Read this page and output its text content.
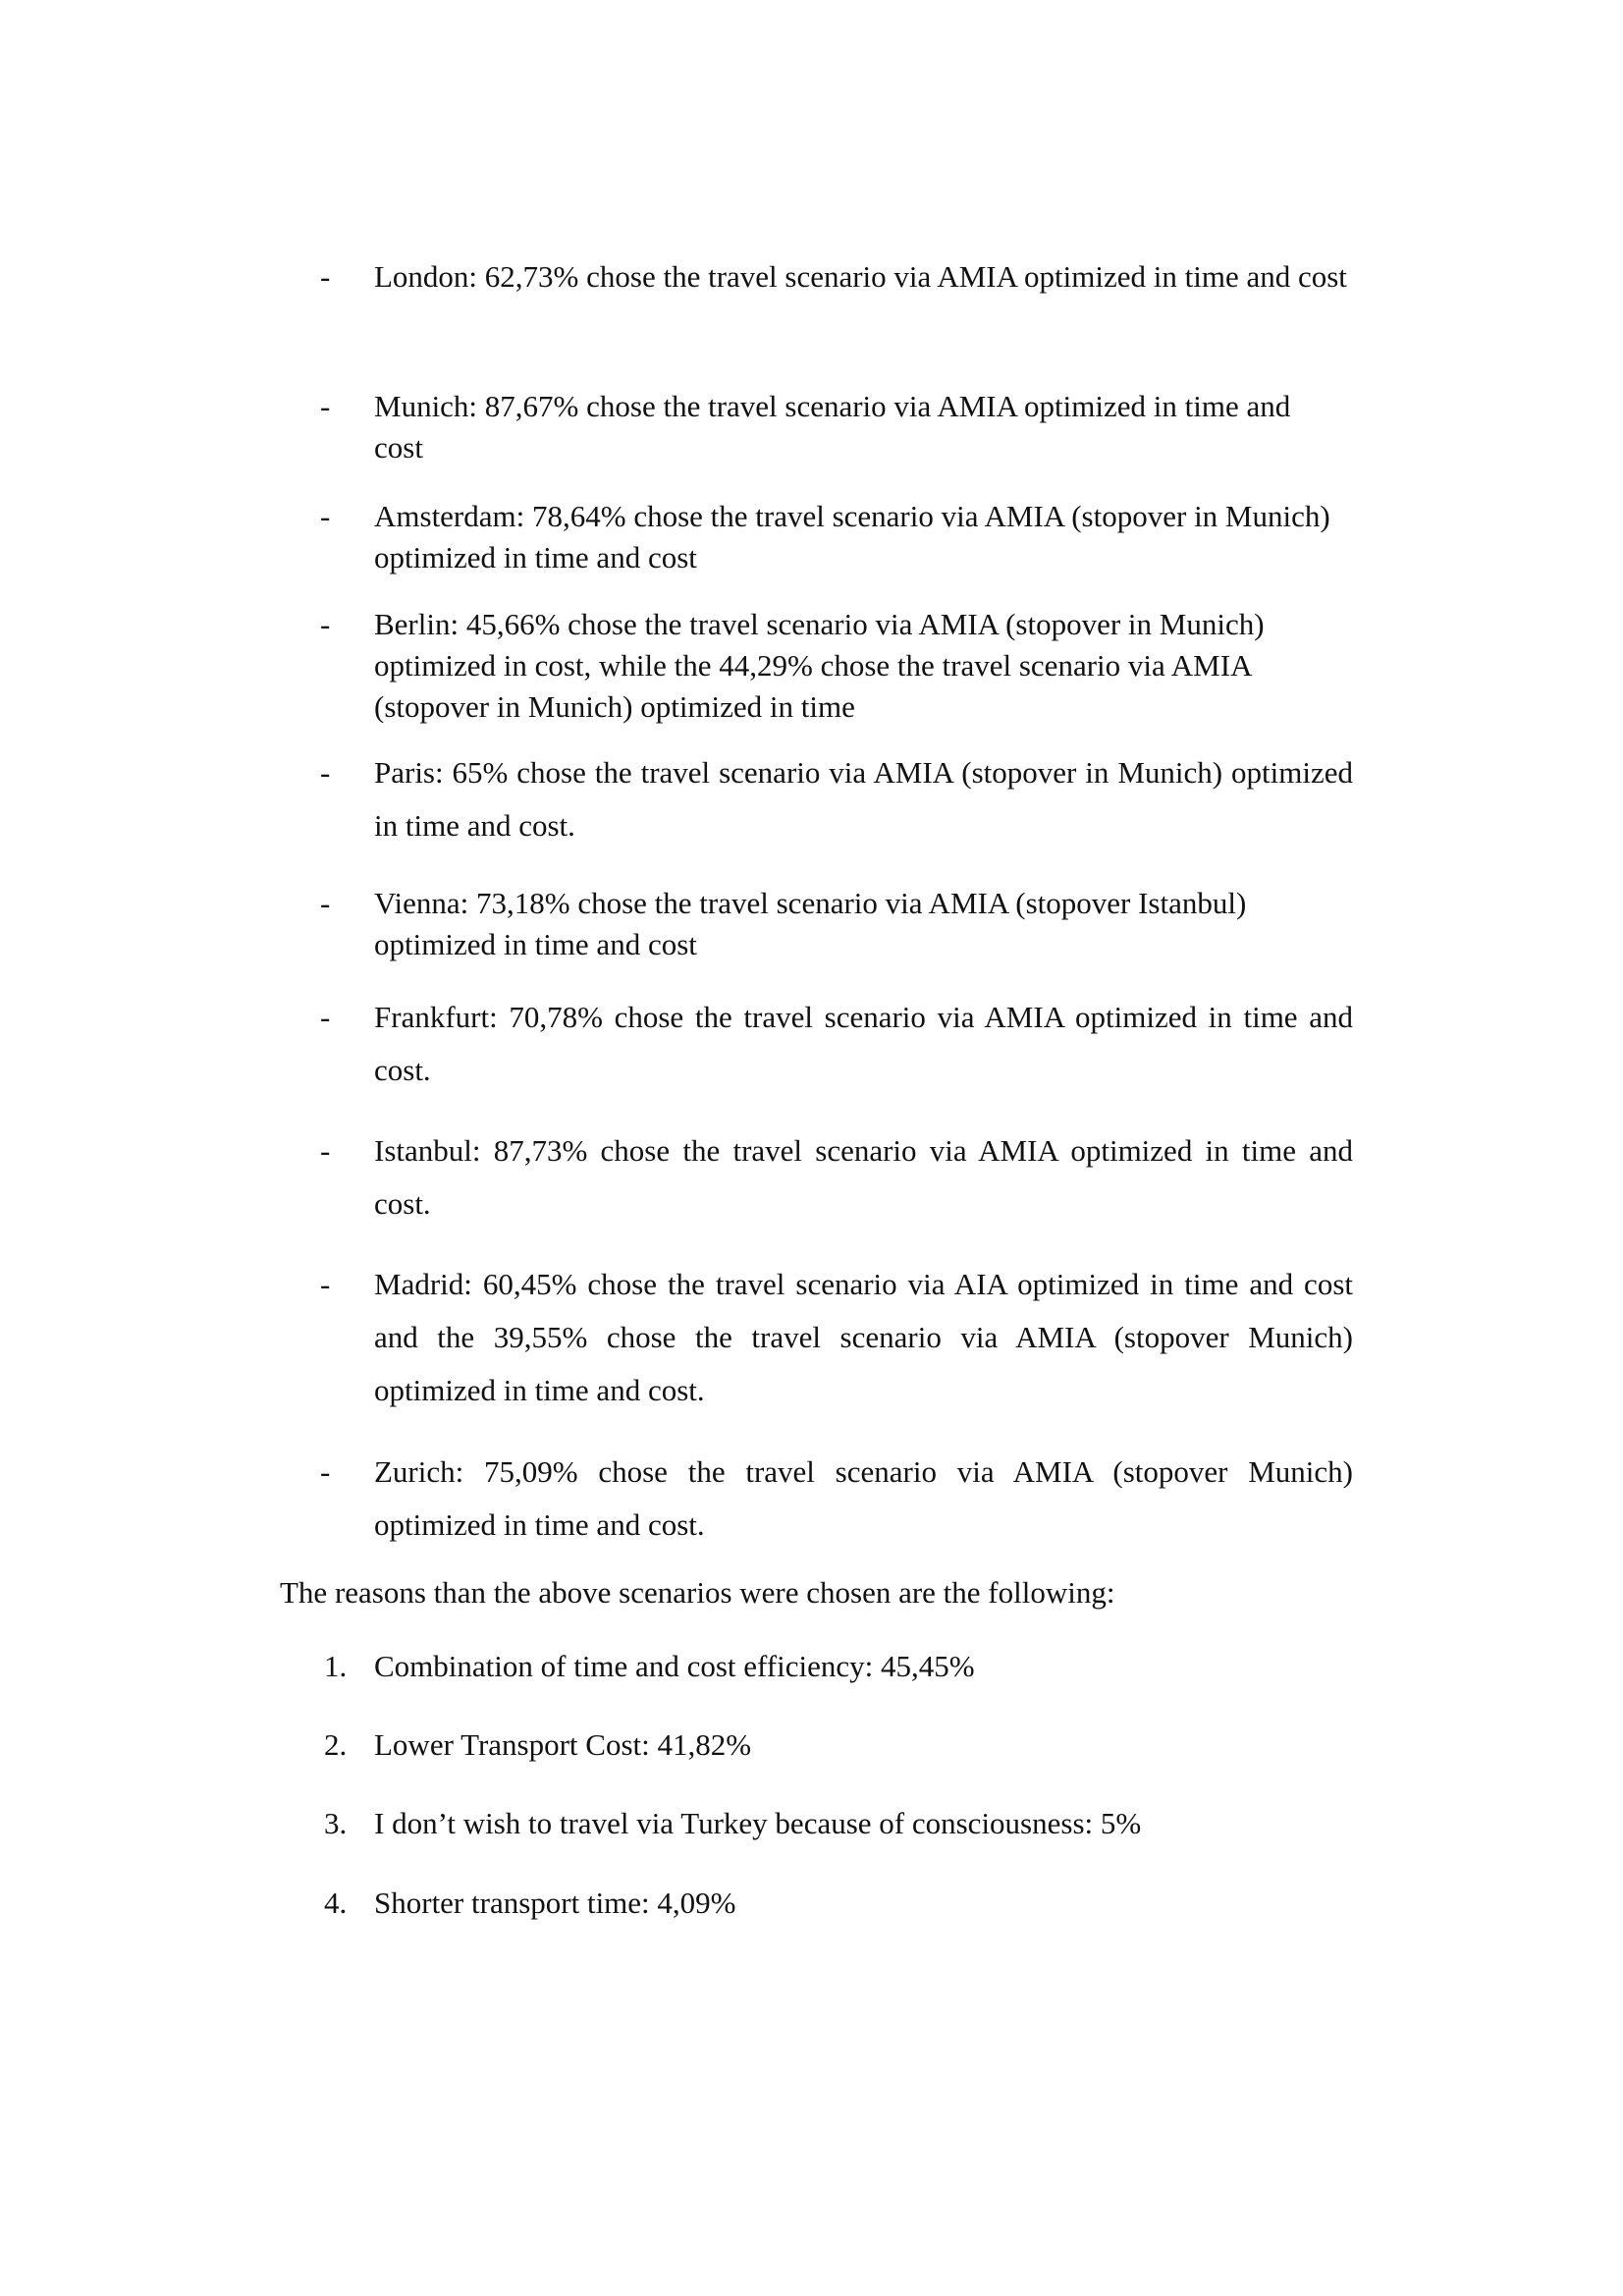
-	London: 62,73% chose the travel scenario via AMIA optimized in time and cost
-	Munich: 87,67% chose the travel scenario via AMIA optimized in time and cost
-	Amsterdam: 78,64% chose the travel scenario via AMIA (stopover in Munich) optimized in time and cost
-	Berlin: 45,66% chose the travel scenario via AMIA (stopover in Munich) optimized in cost, while the 44,29% chose the travel scenario via AMIA (stopover in Munich) optimized in time
-	Paris: 65% chose the travel scenario via AMIA (stopover in Munich) optimized in time and cost.
-	Vienna: 73,18% chose the travel scenario via AMIA (stopover Istanbul) optimized in time and cost
-	Frankfurt: 70,78% chose the travel scenario via AMIA optimized in time and cost.
-	Istanbul: 87,73% chose the travel scenario via AMIA optimized in time and cost.
-	Madrid: 60,45% chose the travel scenario via AIA optimized in time and cost and the 39,55% chose the travel scenario via AMIA (stopover Munich) optimized in time and cost.
-	Zurich: 75,09% chose the travel scenario via AMIA (stopover Munich) optimized in time and cost.
The reasons than the above scenarios were chosen are the following:
1. Combination of time and cost efficiency: 45,45%
2. Lower Transport Cost: 41,82%
3. I don’t wish to travel via Turkey because of consciousness: 5%
4. Shorter transport time: 4,09%
